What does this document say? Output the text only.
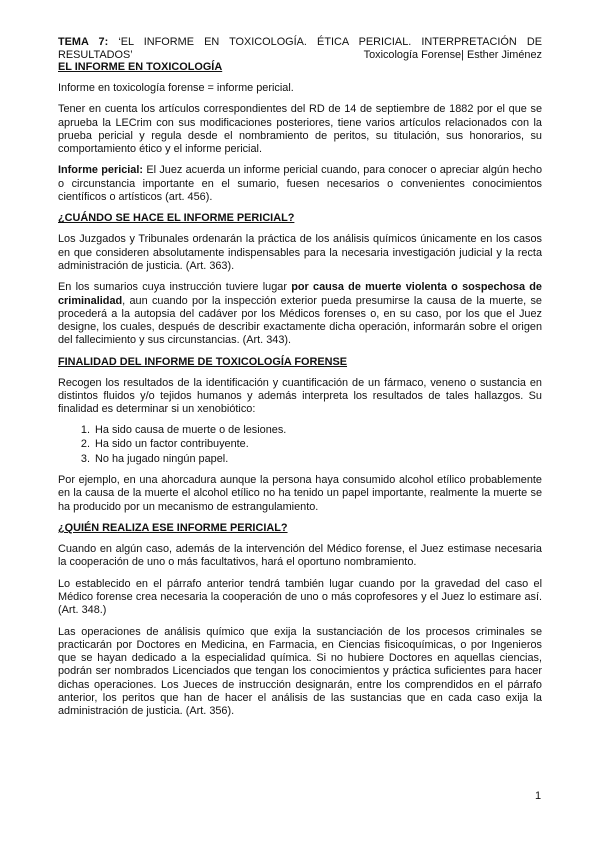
TEMA 7: ‘EL INFORME EN TOXICOLOGÍA. ÉTICA PERICIAL. INTERPRETACIÓN DE
RESULTADOS’	Toxicología Forense| Esther Jiménez
EL INFORME EN TOXICOLOGÍA

Informe en toxicología forense = informe pericial.

Tener en cuenta los artículos correspondientes del RD de 14 de septiembre de 1882 por el que se aprueba la LECrim con sus modificaciones posteriores, tiene varios artículos relacionados con la prueba pericial y regula desde el nombramiento de peritos, su titulación, sus honorarios, su comportamiento ético y el informe pericial.

Informe pericial: El Juez acuerda un informe pericial cuando, para conocer o apreciar algún hecho o circunstancia importante en el sumario, fuesen necesarios o convenientes conocimientos científicos o artísticos (art. 456).

¿CUÁNDO SE HACE EL INFORME PERICIAL?

Los Juzgados y Tribunales ordenarán la práctica de los análisis químicos únicamente en los casos en que consideren absolutamente indispensables para la necesaria investigación judicial y la recta administración de justicia. (Art. 363).

En los sumarios cuya instrucción tuviere lugar por causa de muerte violenta o sospechosa de criminalidad, aun cuando por la inspección exterior pueda presumirse la causa de la muerte, se procederá a la autopsia del cadáver por los Médicos forenses o, en su caso, por los que el Juez designe, los cuales, después de describir exactamente dicha operación, informarán sobre el origen del fallecimiento y sus circunstancias. (Art. 343).

FINALIDAD DEL INFORME DE TOXICOLOGÍA FORENSE

Recogen los resultados de la identificación y cuantificación de un fármaco, veneno o sustancia en distintos fluidos y/o tejidos humanos y además interpreta los resultados de tales hallazgos. Su finalidad es determinar si un xenobiótico:

1. Ha sido causa de muerte o de lesiones.
2. Ha sido un factor contribuyente.
3. No ha jugado ningún papel.

Por ejemplo, en una ahorcadura aunque la persona haya consumido alcohol etílico probablemente en la causa de la muerte el alcohol etílico no ha tenido un papel importante, realmente la muerte se ha producido por un mecanismo de estrangulamiento.

¿QUIÉN REALIZA ESE INFORME PERICIAL?

Cuando en algún caso, además de la intervención del Médico forense, el Juez estimase necesaria la cooperación de uno o más facultativos, hará el oportuno nombramiento.

Lo establecido en el párrafo anterior tendrá también lugar cuando por la gravedad del caso el Médico forense crea necesaria la cooperación de uno o más coprofesores y el Juez lo estimare así. (Art. 348.)

Las operaciones de análisis químico que exija la sustanciación de los procesos criminales se practicarán por Doctores en Medicina, en Farmacia, en Ciencias fisicoquímicas, o por Ingenieros que se hayan dedicado a la especialidad química. Si no hubiere Doctores en aquellas ciencias, podrán ser nombrados Licenciados que tengan los conocimientos y práctica suficientes para hacer dichas operaciones. Los Jueces de instrucción designarán, entre los comprendidos en el párrafo anterior, los peritos que han de hacer el análisis de las sustancias que en cada caso exija la administración de justicia. (Art. 356).

1
